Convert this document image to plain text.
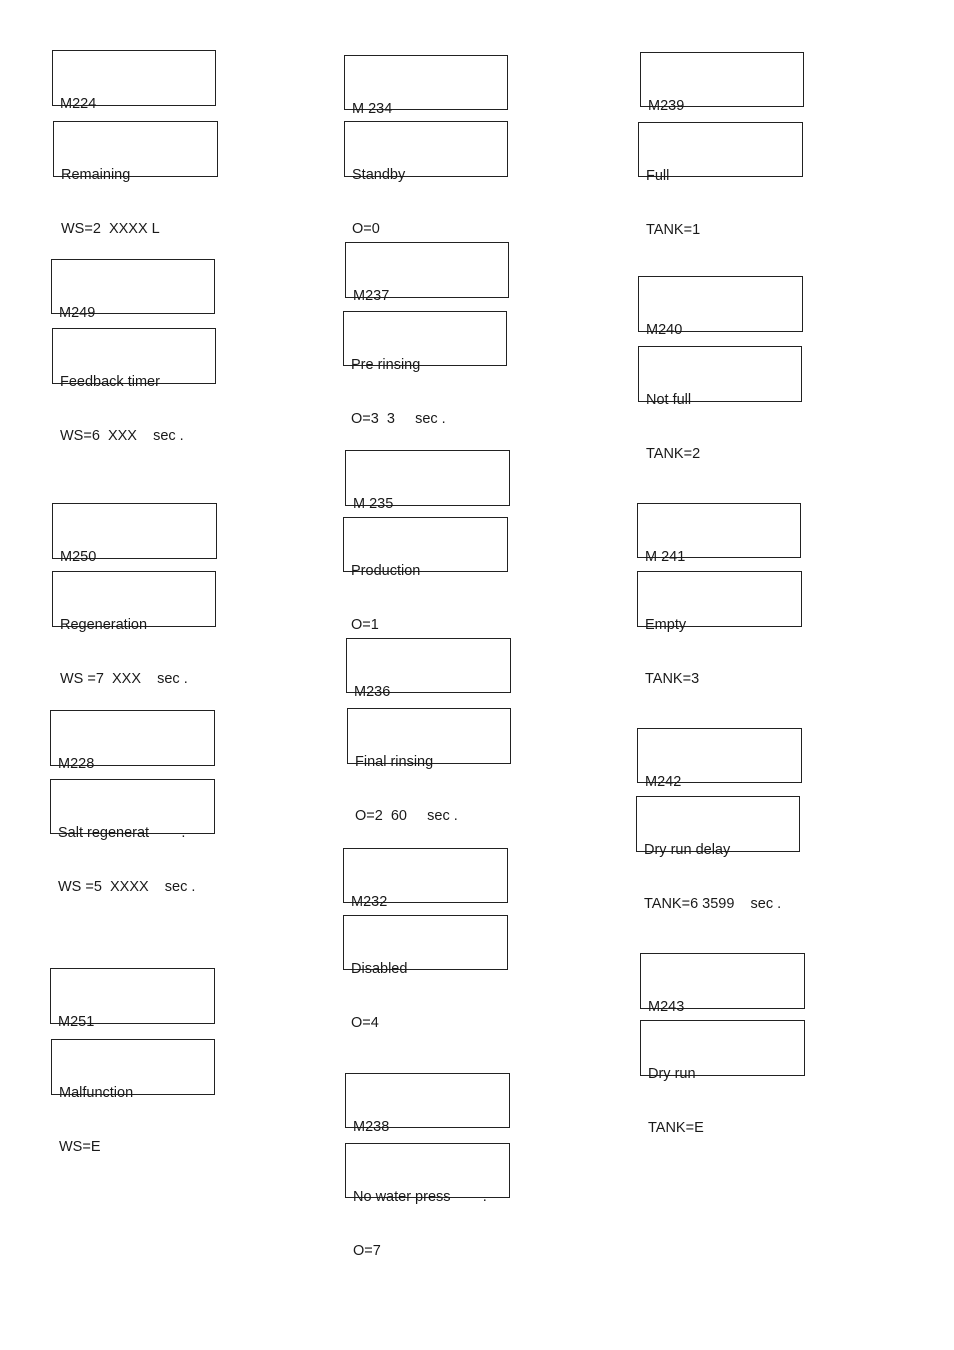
M224

Remaining

WS=2  XXXX L

M249

Feedback timer

WS=6  XXX    sec .

M250

Regeneration

WS =7  XXX    sec .

M228

Salt regenerat        .

WS =5  XXXX    sec .

M251

Malfunction

WS=E

M 234

Standby

O=0

M237

Pre rinsing

O=3  3     sec .

M 235

Production

O=1

M236

Final rinsing

O=2  60     sec .

M232

Disabled

O=4

M238

No water press        .

O=7

M239

Full

TANK=1

M240

Not full

TANK=2

M 241

Empty

TANK=3

M242

Dry run delay

TANK=6 3599    sec .

M243

Dry run

TANK=E
